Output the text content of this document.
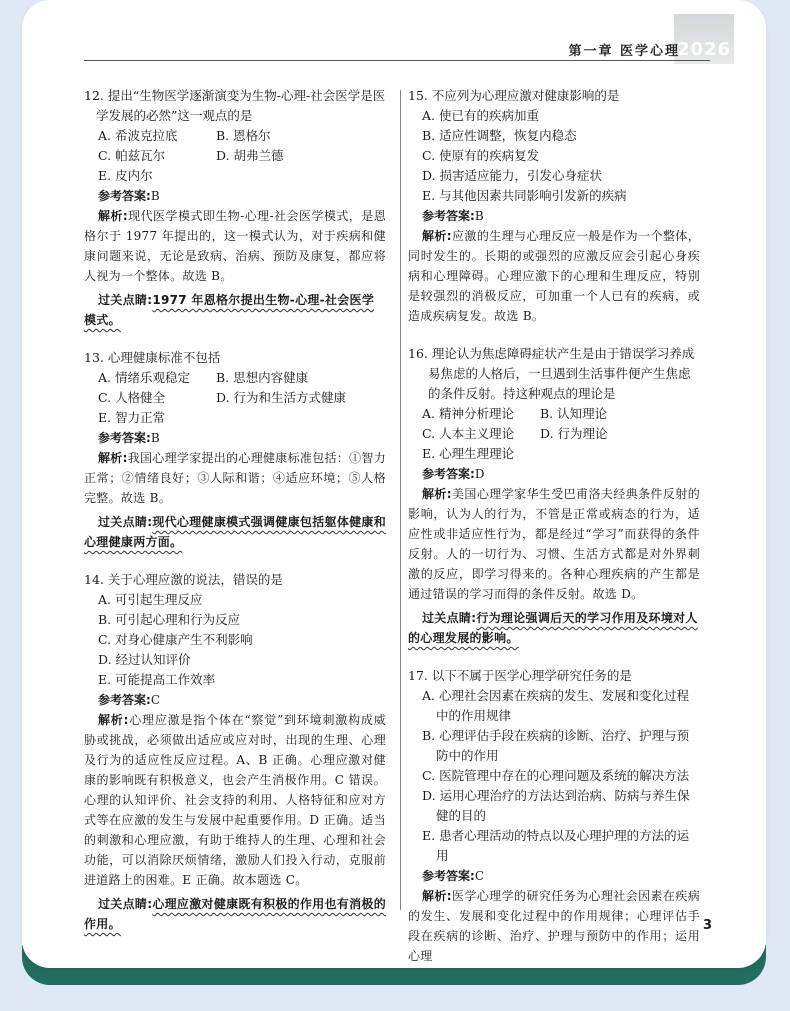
2026
第一章 医学心理
12. 提出“生物医学逐渐演变为生物-心理-社会医学是医学发展的必然”这一观点的是
A. 希波克拉底	B. 恩格尔
C. 帕兹瓦尔	D. 胡弗兰德
E. 皮内尔
参考答案:B
解析:现代医学模式即生物-心理-社会医学模式，是恩格尔于 1977 年提出的，这一模式认为，对于疾病和健康问题来说，无论是致病、治病、预防及康复，都应将人视为一个整体。故选 B。
过关点睛:1977 年恩格尔提出生物-心理-社会医学模式。
13. 心理健康标准不包括
A. 情绪乐观稳定	B. 思想内容健康
C. 人格健全	D. 行为和生活方式健康
E. 智力正常
参考答案:B
解析:我国心理学家提出的心理健康标准包括：①智力正常；②情绪良好；③人际和谐；④适应环境；⑤人格完整。故选 B。
过关点睛:现代心理健康模式强调健康包括躯体健康和心理健康两方面。
14. 关于心理应激的说法，错误的是
A. 可引起生理反应
B. 可引起心理和行为反应
C. 对身心健康产生不利影响
D. 经过认知评价
E. 可能提高工作效率
参考答案:C
解析:心理应激是指个体在“察觉”到环境刺激构成威胁或挑战，必须做出适应或应对时，出现的生理、心理及行为的适应性反应过程。A、B 正确。心理应激对健康的影响既有积极意义，也会产生消极作用。C 错误。心理的认知评价、社会支持的利用、人格特征和应对方式等在应激的发生与发展中起重要作用。D 正确。适当的刺激和心理应激，有助于维持人的生理、心理和社会功能，可以消除厌烦情绪，激励人们投入行动，克服前进道路上的困难。E 正确。故本题选 C。
过关点睛:心理应激对健康既有积极的作用也有消极的作用。
15. 不应列为心理应激对健康影响的是
A. 使已有的疾病加重
B. 适应性调整，恢复内稳态
C. 使原有的疾病复发
D. 损害适应能力，引发心身症状
E. 与其他因素共同影响引发新的疾病
参考答案:B
解析:应激的生理与心理反应一般是作为一个整体，同时发生的。长期的或强烈的应激反应会引起心身疾病和心理障碍。心理应激下的心理和生理反应，特别是较强烈的消极反应，可加重一个人已有的疾病，或造成疾病复发。故选 B。
16. 理论认为焦虑障碍症状产生是由于错误学习养成易焦虑的人格后，一旦遇到生活事件便产生焦虑的条件反射。持这种观点的理论是
A. 精神分析理论	B. 认知理论
C. 人本主义理论	D. 行为理论
E. 心理生理理论
参考答案:D
解析:美国心理学家华生受巴甫洛夫经典条件反射的影响，认为人的行为，不管是正常或病态的行为，适应性或非适应性行为，都是经过“学习”而获得的条件反射。人的一切行为、习惯、生活方式都是对外界刺激的反应，即学习得来的。各种心理疾病的产生都是通过错误的学习而得的条件反射。故选 D。
过关点睛:行为理论强调后天的学习作用及环境对人的心理发展的影响。
17. 以下不属于医学心理学研究任务的是
A. 心理社会因素在疾病的发生、发展和变化过程中的作用规律
B. 心理评估手段在疾病的诊断、治疗、护理与预防中的作用
C. 医院管理中存在的心理问题及系统的解决方法
D. 运用心理治疗的方法达到治病、防病与养生保健的目的
E. 患者心理活动的特点以及心理护理的方法的运用
参考答案:C
解析:医学心理学的研究任务为心理社会因素在疾病的发生、发展和变化过程中的作用规律；心理评估手段在疾病的诊断、治疗、护理与预防中的作用；运用心理
3
